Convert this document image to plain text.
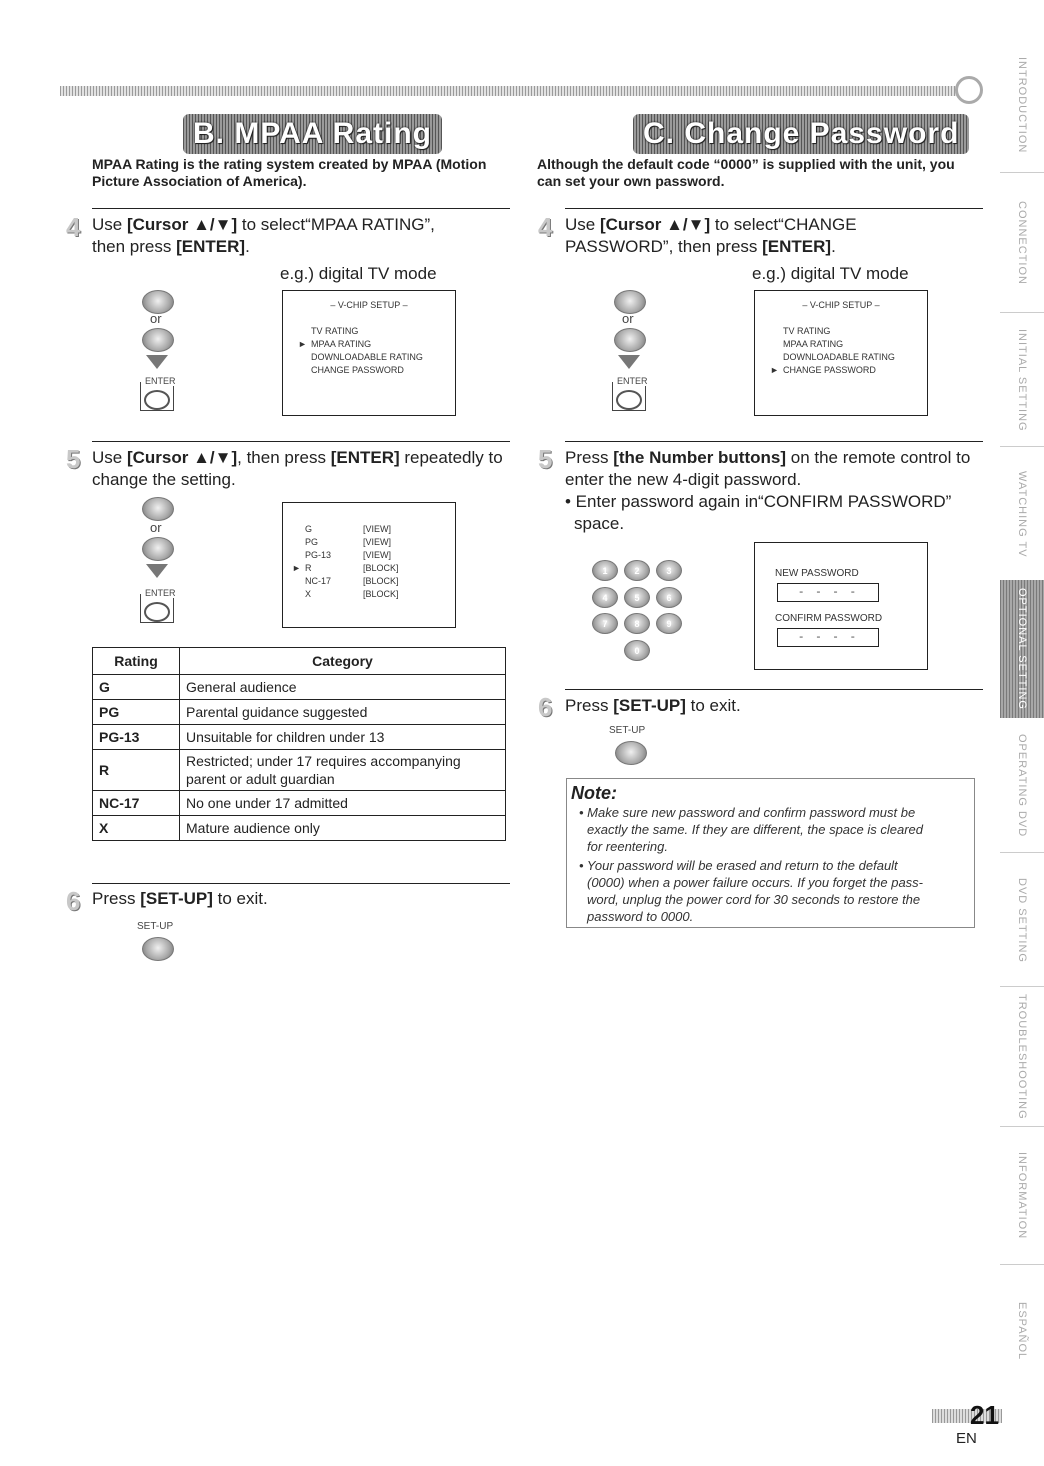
B. MPAA Rating
MPAA Rating is the rating system created by MPAA (Motion Picture Association of America).
4 Use [Cursor ▲/▼] to select“MPAA RATING”,
then press [ENTER].
e.g.) digital TV mode
or
ENTER
– V-CHIP SETUP –
TV RATING
► MPAA RATING
DOWNLOADABLE RATING
CHANGE PASSWORD
5 Use [Cursor ▲/▼], then press [ENTER] repeatedly to
change the setting.
or
ENTER
G	[VIEW]
PG	[VIEW]
PG-13	[VIEW]
► R	[BLOCK]
NC-17	[BLOCK]
X	[BLOCK]
Rating	Category
G	General audience
PG	Parental guidance suggested
PG-13	Unsuitable for children under 13
R	Restricted; under 17 requires accompanying parent or adult guardian
NC-17	No one under 17 admitted
X	Mature audience only
6 Press [SET-UP] to exit.
SET-UP
C. Change Password
Although the default code “0000” is supplied with the unit, you can set your own password.
4 Use [Cursor ▲/▼] to select“CHANGE
PASSWORD”, then press [ENTER].
e.g.) digital TV mode
or
ENTER
– V-CHIP SETUP –
TV RATING
MPAA RATING
DOWNLOADABLE RATING
► CHANGE PASSWORD
5 Press [the Number buttons] on the remote control to
enter the new 4-digit password.
• Enter password again in“CONFIRM PASSWORD”
space.
1	2	3
4	5	6
7	8	9
0
NEW PASSWORD
- - - -
CONFIRM PASSWORD
- - - -
6 Press [SET-UP] to exit.
SET-UP
Note:
• Make sure new password and confirm password must be
exactly the same. If they are different, the space is cleared
for reentering.
• Your password will be erased and return to the default
(0000) when a power failure occurs. If you forget the pass-
word, unplug the power cord for 30 seconds to restore the
password to 0000.
INTRODUCTION
CONNECTION
INITIAL SETTING
WATCHING TV
OPTIONAL SETTING
OPERATING DVD
DVD SETTING
TROUBLESHOOTING
INFORMATION
ESPAÑOL
21
EN
